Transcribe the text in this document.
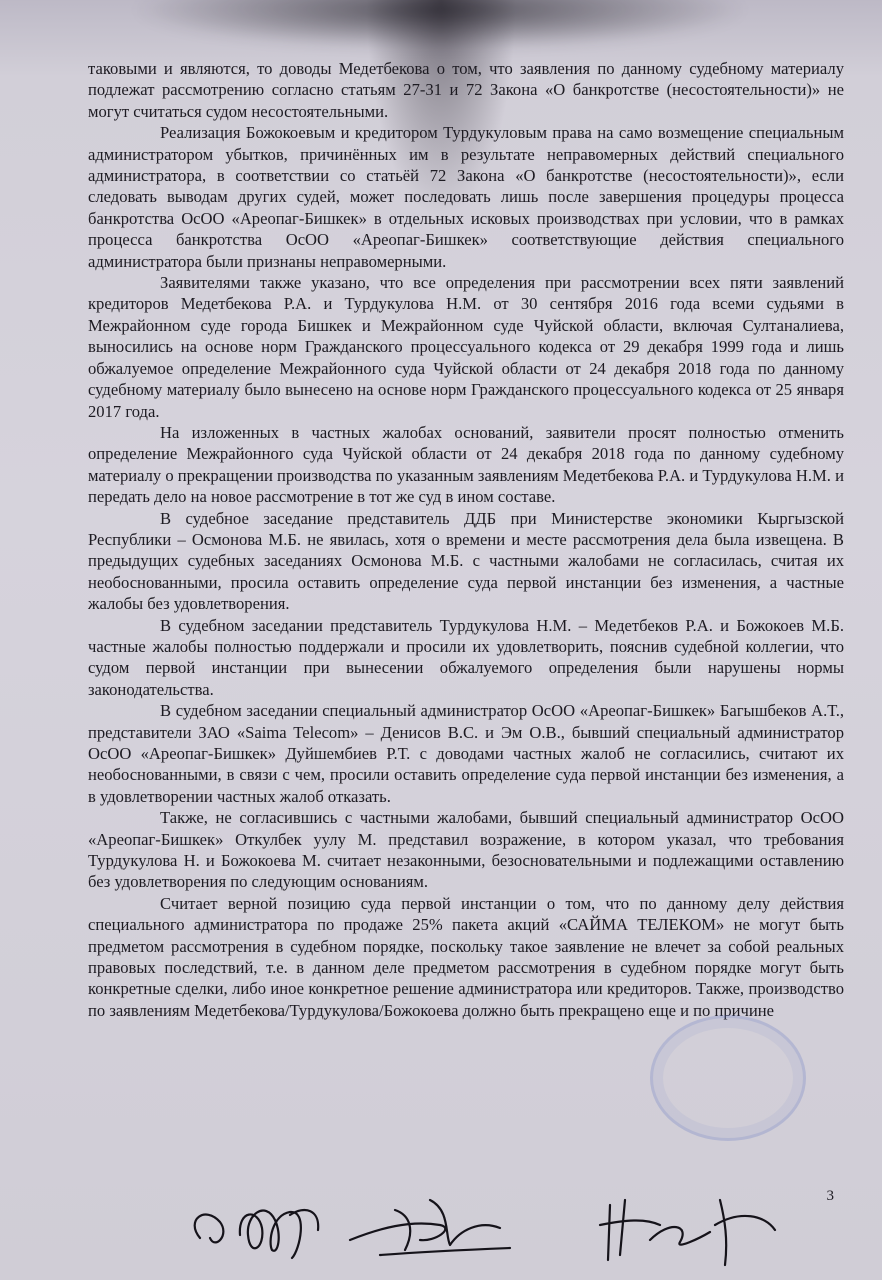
таковыми и являются, то доводы Медетбекова о том, что заявления по данному судебному материалу подлежат рассмотрению согласно статьям 27-31 и 72 Закона «О банкротстве (несостоятельности)» не могут считаться судом несостоятельными.

Реализация Божокоевым и кредитором Турдукуловым права на само возмещение специальным администратором убытков, причинённых им в результате неправомерных действий специального администратора, в соответствии со статьёй 72 Закона «О банкротстве (несостоятельности)», если следовать выводам других судей, может последовать лишь после завершения процедуры процесса банкротства ОсОО «Ареопаг-Бишкек» в отдельных исковых производствах при условии, что в рамках процесса банкротства ОсОО «Ареопаг-Бишкек» соответствующие действия специального администратора были признаны неправомерными.

Заявителями также указано, что все определения при рассмотрении всех пяти заявлений кредиторов Медетбекова Р.А. и Турдукулова Н.М. от 30 сентября 2016 года всеми судьями в Межрайонном суде города Бишкек и Межрайонном суде Чуйской области, включая Султаналиева, выносились на основе норм Гражданского процессуального кодекса от 29 декабря 1999 года и лишь обжалуемое определение Межрайонного суда Чуйской области от 24 декабря 2018 года по данному судебному материалу было вынесено на основе норм Гражданского процессуального кодекса от 25 января 2017 года.

На изложенных в частных жалобах оснований, заявители просят полностью отменить определение Межрайонного суда Чуйской области от 24 декабря 2018 года по данному судебному материалу о прекращении производства по указанным заявлениям Медетбекова Р.А. и Турдукулова Н.М. и передать дело на новое рассмотрение в тот же суд в ином составе.

В судебное заседание представитель ДДБ при Министерстве экономики Кыргызской Республики – Осмонова М.Б. не явилась, хотя о времени и месте рассмотрения дела была извещена. В предыдущих судебных заседаниях Осмонова М.Б. с частными жалобами не согласилась, считая их необоснованными, просила оставить определение суда первой инстанции без изменения, а частные жалобы без удовлетворения.

В судебном заседании представитель Турдукулова Н.М. – Медетбеков Р.А. и Божокоев М.Б. частные жалобы полностью поддержали и просили их удовлетворить, пояснив судебной коллегии, что судом первой инстанции при вынесении обжалуемого определения были нарушены нормы законодательства.

В судебном заседании специальный администратор ОсОО «Ареопаг-Бишкек» Багышбеков А.Т., представители ЗАО «Saima Telecom» – Денисов В.С. и Эм О.В., бывший специальный администратор ОсОО «Ареопаг-Бишкек» Дуйшембиев Р.Т. с доводами частных жалоб не согласились, считают их необоснованными, в связи с чем, просили оставить определение суда первой инстанции без изменения, а в удовлетворении частных жалоб отказать.

Также, не согласившись с частными жалобами, бывший специальный администратор ОсОО «Ареопаг-Бишкек» Откулбек уулу М. представил возражение, в котором указал, что требования Турдукулова Н. и Божокоева М. считает незаконными, безосновательными и подлежащими оставлению без удовлетворения по следующим основаниям.

Считает верной позицию суда первой инстанции о том, что по данному делу действия специального администратора по продаже 25% пакета акций «САЙМА ТЕЛЕКОМ» не могут быть предметом рассмотрения в судебном порядке, поскольку такое заявление не влечет за собой реальных правовых последствий, т.е. в данном деле предметом рассмотрения в судебном порядке могут быть конкретные сделки, либо иное конкретное решение администратора или кредиторов. Также, производство по заявлениям Медетбекова/Турдукулова/Божокоева должно быть прекращено еще и по причине

3
